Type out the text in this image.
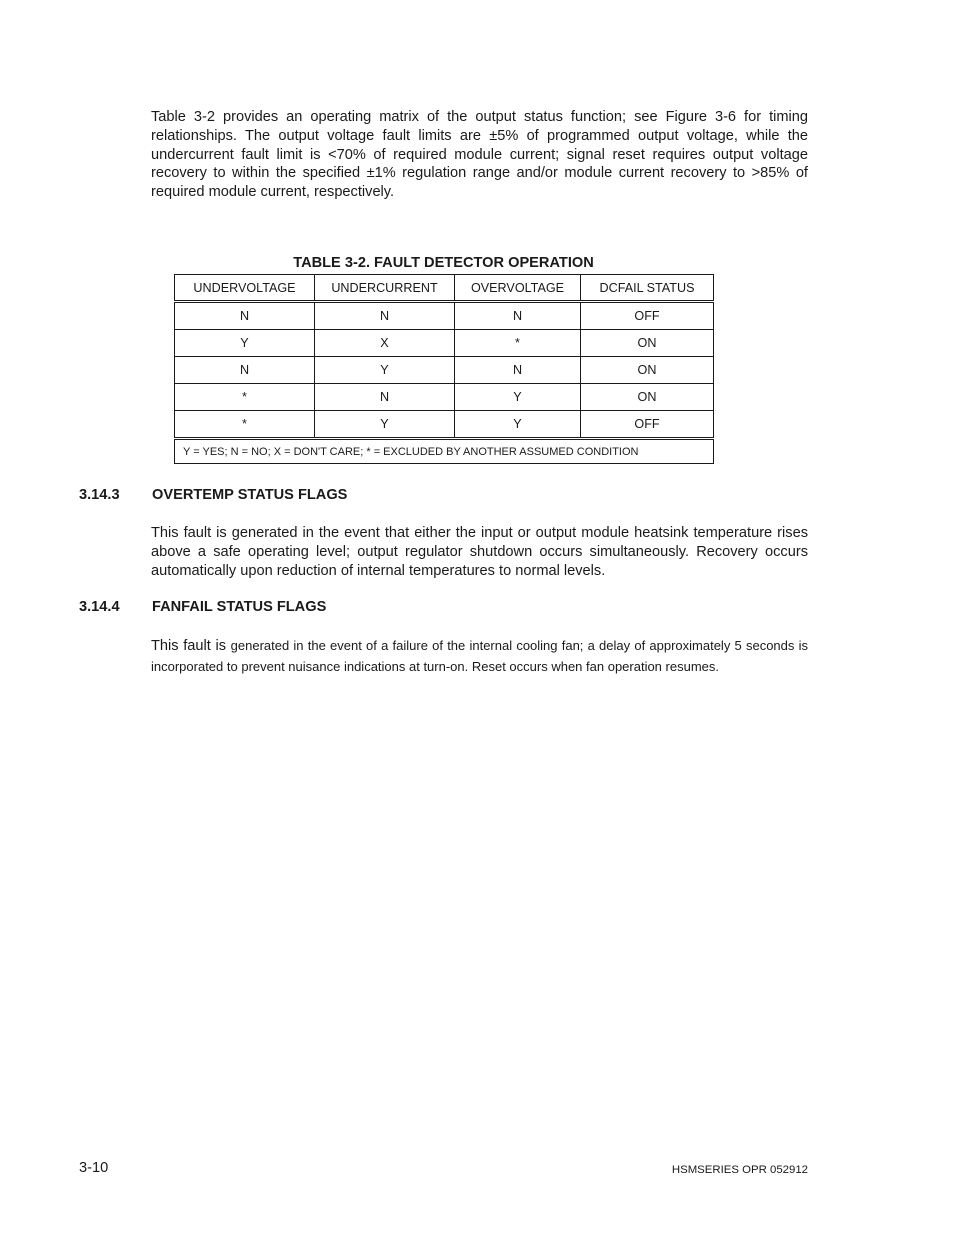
Table 3-2 provides an operating matrix of the output status function; see Figure 3-6 for timing relationships. The output voltage fault limits are ±5% of programmed output voltage, while the undercurrent fault limit is <70% of required module current; signal reset requires output voltage recovery to within the specified ±1% regulation range and/or module current recovery to >85% of required module current, respectively.

TABLE 3-2. FAULT DETECTOR OPERATION
UNDERVOLTAGE	UNDERCURRENT	OVERVOLTAGE	DCFAIL STATUS
N	N	N	OFF
Y	X	*	ON
N	Y	N	ON
*	N	Y	ON
*	Y	Y	OFF
Y = YES; N = NO; X = DON'T CARE; * = EXCLUDED BY ANOTHER ASSUMED CONDITION			
3.14.3 OVERTEMP STATUS FLAGS

This fault is generated in the event that either the input or output module heatsink temperature rises above a safe operating level; output regulator shutdown occurs simultaneously. Recovery occurs automatically upon reduction of internal temperatures to normal levels.

3.14.4 FANFAIL STATUS FLAGS

This fault is generated in the event of a failure of the internal cooling fan; a delay of approximately 5 seconds is incorporated to prevent nuisance indications at turn-on. Reset occurs when fan operation resumes.

3-10	HSMSERIES OPR 052912
